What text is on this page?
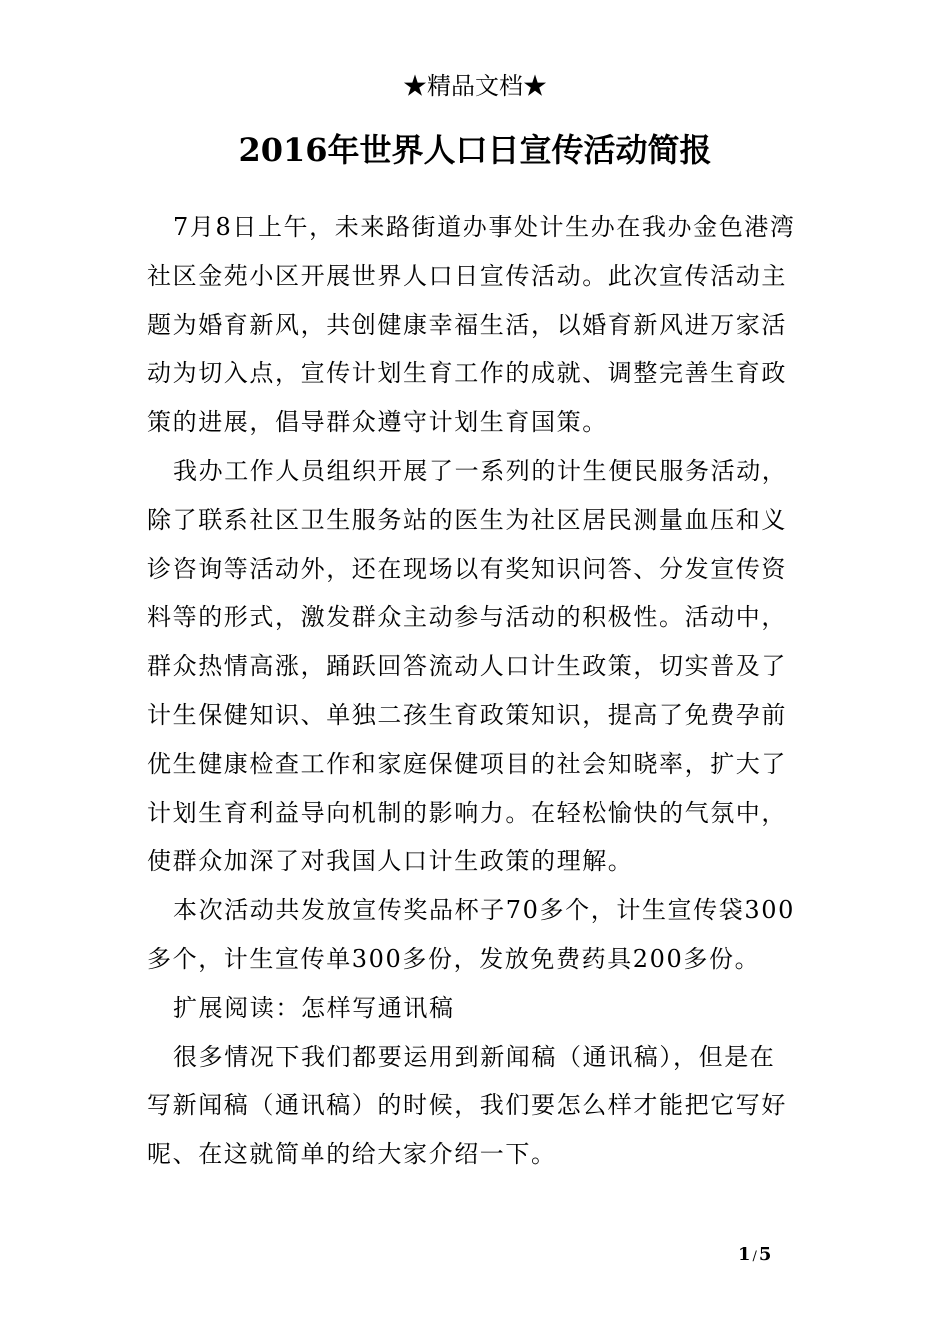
★精品文档★
2016年世界人口日宣传活动简报
7月8日上午，未来路街道办事处计生办在我办金色港湾
社区金苑小区开展世界人口日宣传活动。此次宣传活动主
题为婚育新风，共创健康幸福生活，以婚育新风进万家活
动为切入点，宣传计划生育工作的成就、调整完善生育政
策的进展，倡导群众遵守计划生育国策。
我办工作人员组织开展了一系列的计生便民服务活动，
除了联系社区卫生服务站的医生为社区居民测量血压和义
诊咨询等活动外，还在现场以有奖知识问答、分发宣传资
料等的形式，激发群众主动参与活动的积极性。活动中，
群众热情高涨，踊跃回答流动人口计生政策，切实普及了
计生保健知识、单独二孩生育政策知识，提高了免费孕前
优生健康检查工作和家庭保健项目的社会知晓率，扩大了
计划生育利益导向机制的影响力。在轻松愉快的气氛中，
使群众加深了对我国人口计生政策的理解。
本次活动共发放宣传奖品杯子70多个，计生宣传袋300
多个，计生宣传单300多份，发放免费药具200多份。
扩展阅读：怎样写通讯稿
很多情况下我们都要运用到新闻稿（通讯稿），但是在
写新闻稿（通讯稿）的时候，我们要怎么样才能把它写好
呢、在这就简单的给大家介绍一下。
1 / 5
